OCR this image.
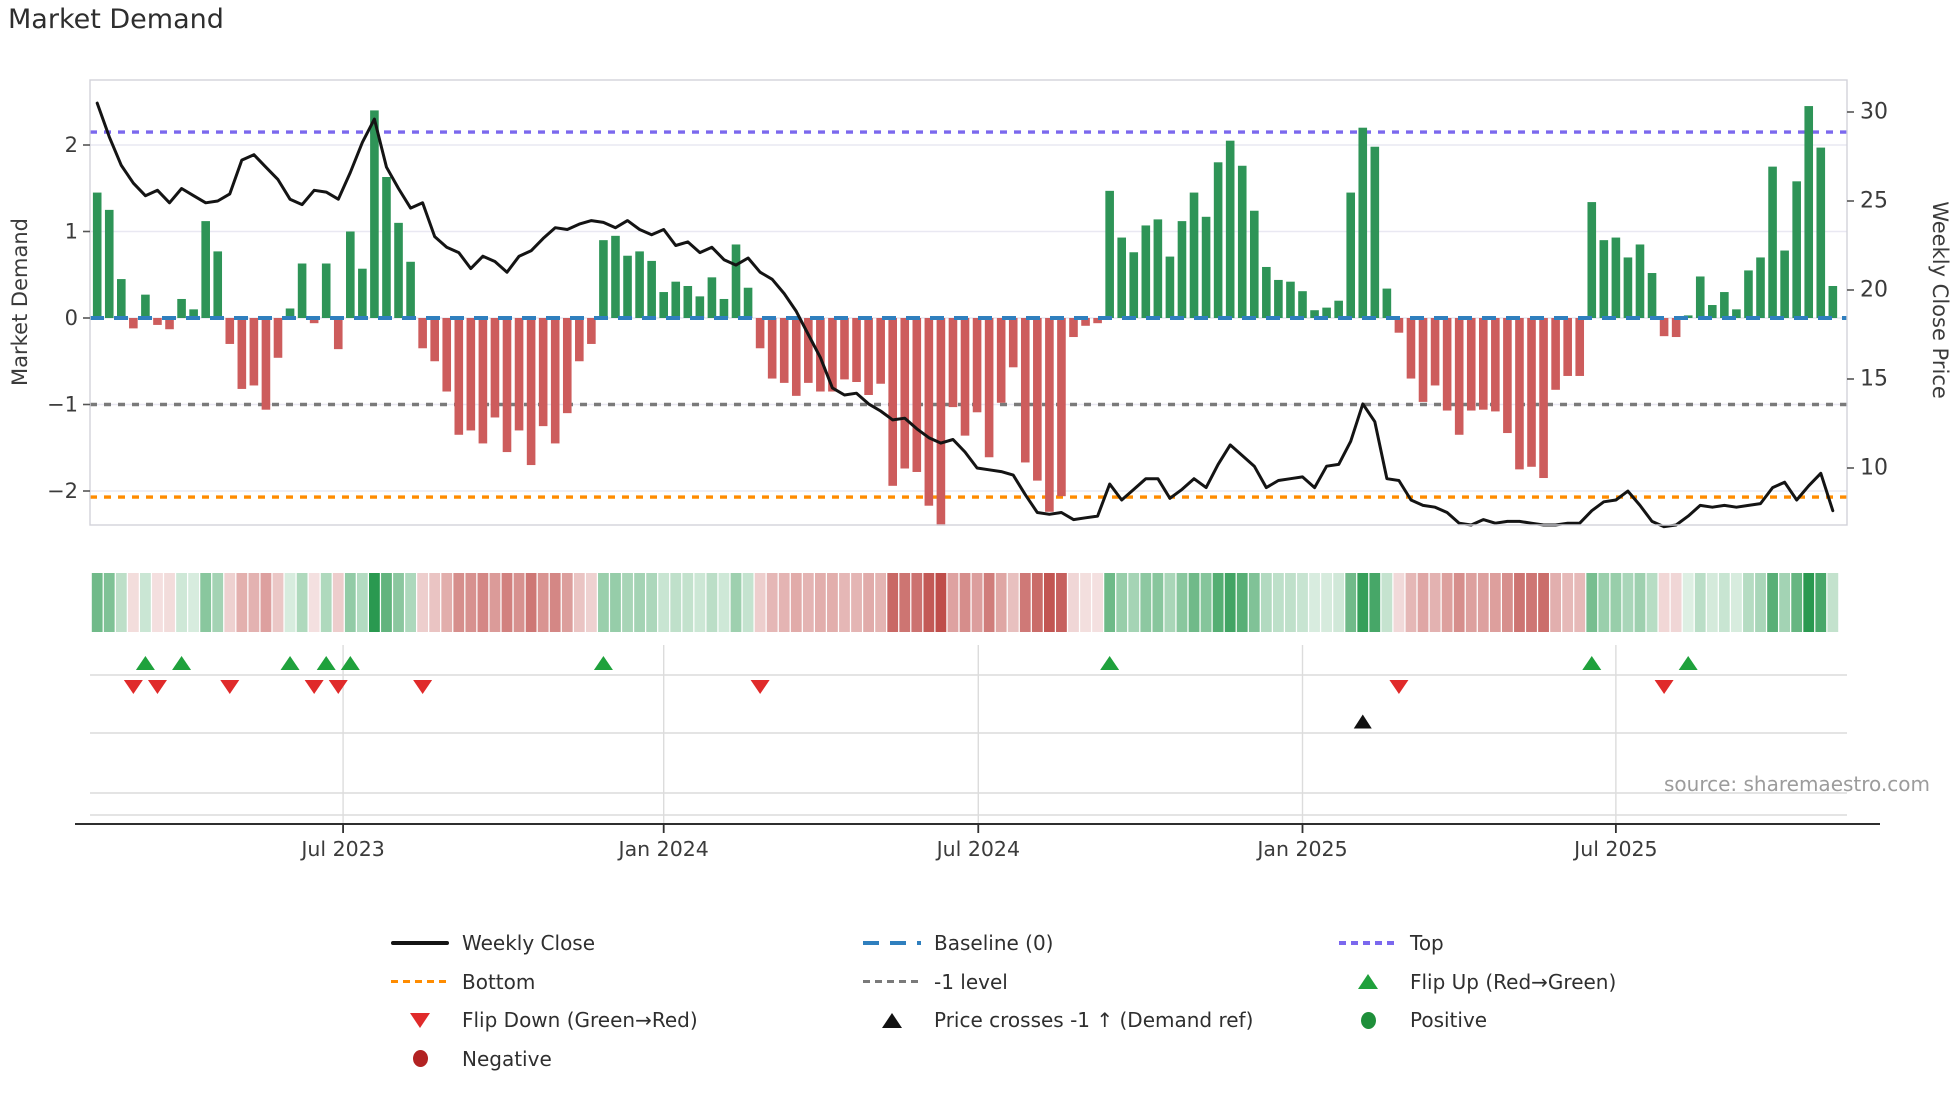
Market Demand
Market Demand	Weekly Close Price
source: sharemaestro.com
2
1
0
−1
−2
30
25
20
15
10
Jul 2023	Jan 2024	Jul 2024	Jan 2025	Jul 2025
Weekly Close
Bottom
Flip Down (Green→Red)
Negative
Baseline (0)
-1 level
Price crosses -1 ↑ (Demand ref)
Top
Flip Up (Red→Green)
Positive
